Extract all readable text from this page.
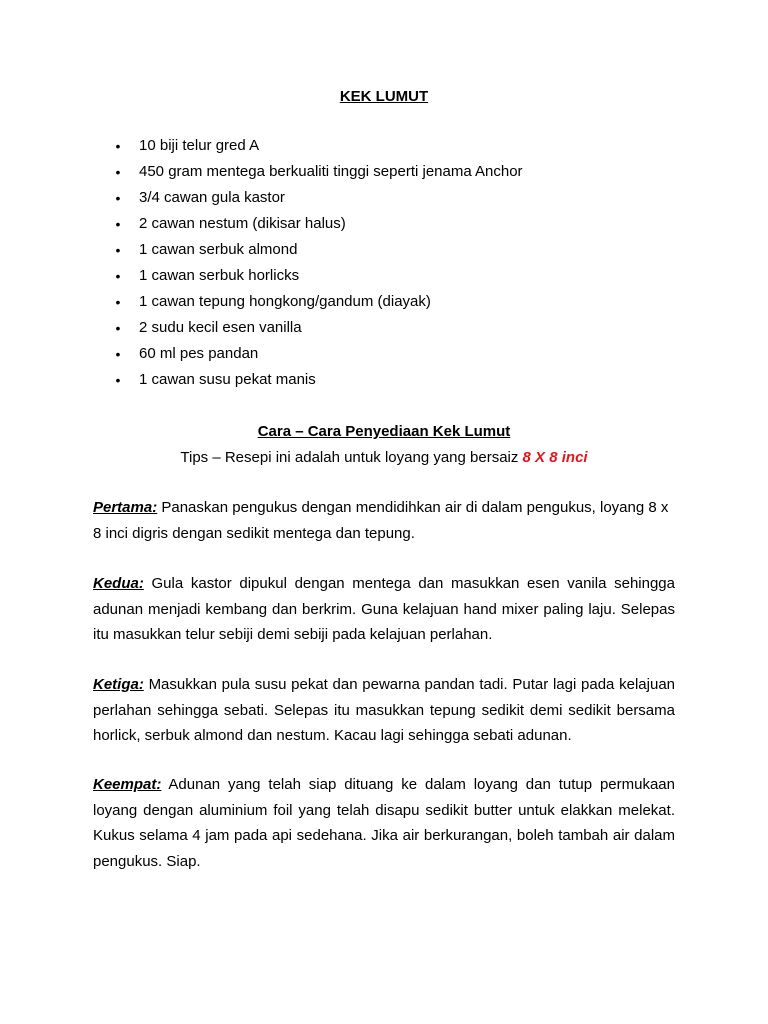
KEK LUMUT
• 10 biji telur gred A
• 450 gram mentega berkualiti tinggi seperti jenama Anchor
• 3/4 cawan gula kastor
• 2 cawan nestum (dikisar halus)
• 1 cawan serbuk almond
• 1 cawan serbuk horlicks
• 1 cawan tepung hongkong/gandum (diayak)
• 2 sudu kecil esen vanilla
• 60 ml pes pandan
• 1 cawan susu pekat manis
Cara – Cara Penyediaan Kek Lumut
Tips – Resepi ini adalah untuk loyang yang bersaiz 8 X 8 inci

Pertama: Panaskan pengukus dengan mendidihkan air di dalam pengukus, loyang 8 x 8 inci digris dengan sedikit mentega dan tepung.

Kedua: Gula kastor dipukul dengan mentega dan masukkan esen vanila sehingga adunan menjadi kembang dan berkrim. Guna kelajuan hand mixer paling laju. Selepas itu masukkan telur sebiji demi sebiji pada kelajuan perlahan.

Ketiga: Masukkan pula susu pekat dan pewarna pandan tadi. Putar lagi pada kelajuan perlahan sehingga sebati. Selepas itu masukkan tepung sedikit demi sedikit bersama horlick, serbuk almond dan nestum. Kacau lagi sehingga sebati adunan.

Keempat: Adunan yang telah siap dituang ke dalam loyang dan tutup permukaan loyang dengan aluminium foil yang telah disapu sedikit butter untuk elakkan melekat. Kukus selama 4 jam pada api sedehana. Jika air berkurangan, boleh tambah air dalam pengukus. Siap.
